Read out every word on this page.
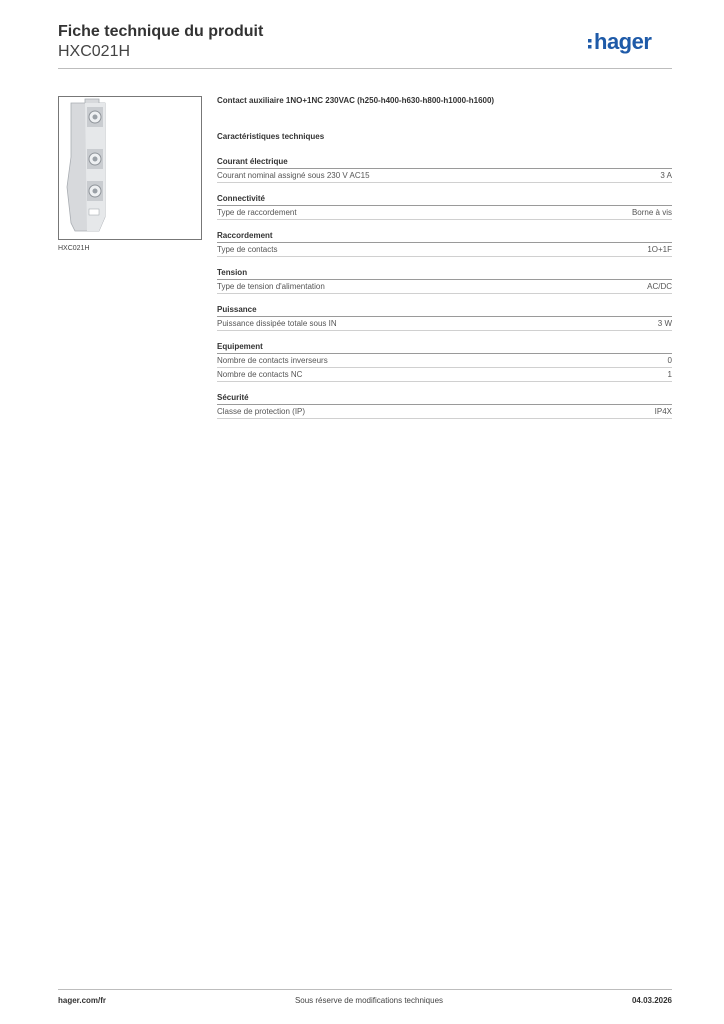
Fiche technique du produit
HXC021H	hager
HXC021H
Contact auxiliaire 1NO+1NC 230VAC (h250-h400-h630-h800-h1000-h1600)
Caractéristiques techniques
Courant électrique
Courant nominal assigné sous 230 V AC15	3 A
Connectivité
Type de raccordement	Borne à vis
Raccordement
Type de contacts	1O+1F
Tension
Type de tension d'alimentation	AC/DC
Puissance
Puissance dissipée totale sous IN	3 W
Equipement
Nombre de contacts inverseurs	0
Nombre de contacts NC	1
Sécurité
Classe de protection (IP)	IP4X
hager.com/fr	Sous réserve de modifications techniques	04.03.2026
